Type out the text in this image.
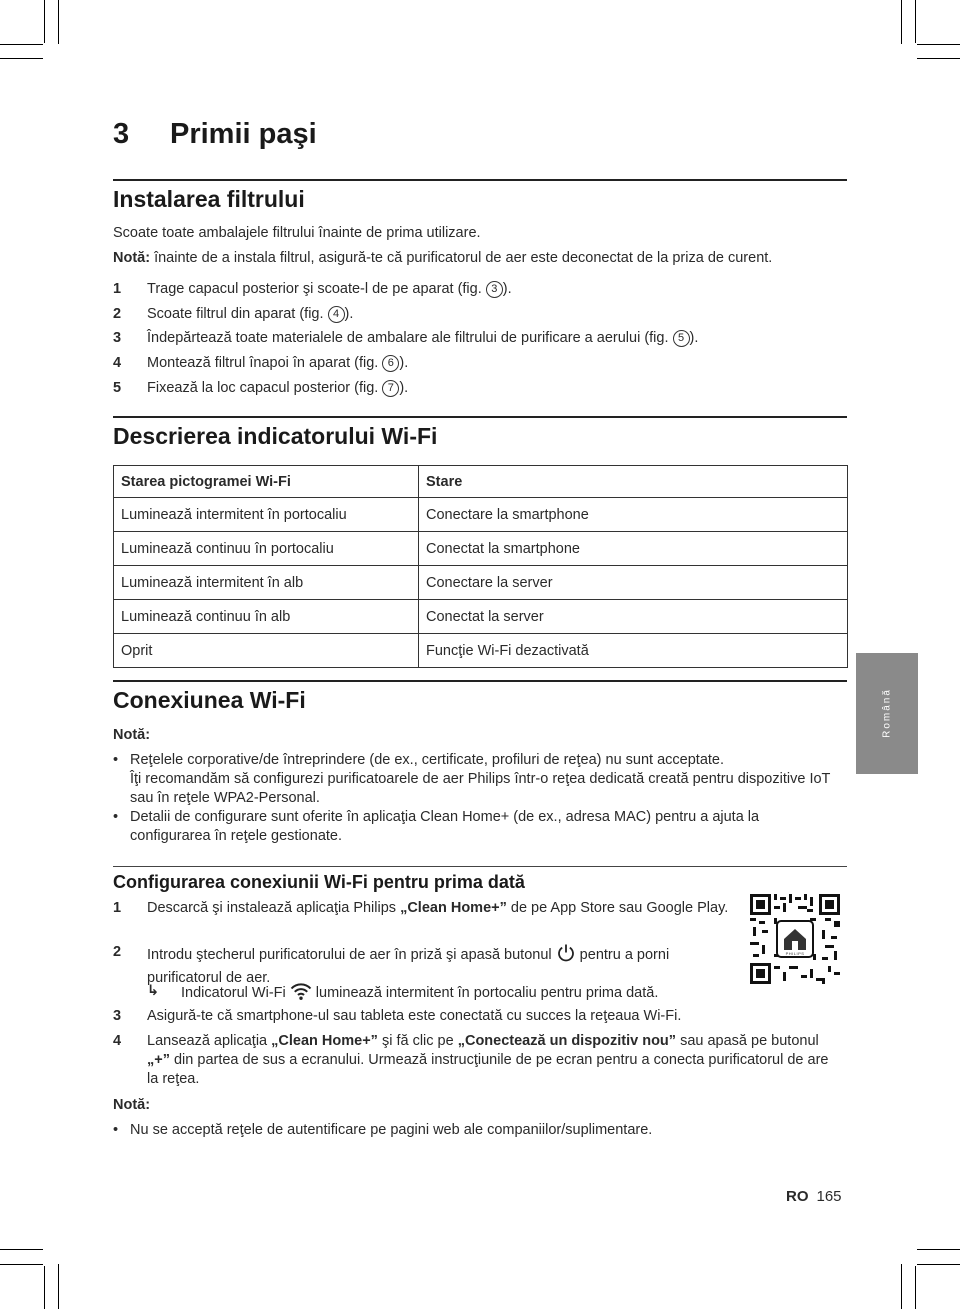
3 Primii paşi
Instalarea filtrului
Scoate toate ambalajele filtrului înainte de prima utilizare.
Notă: înainte de a instala filtrul, asigură-te că purificatorul de aer este deconectat de la priza de curent.
1 Trage capacul posterior şi scoate-l de pe aparat (fig. 3 ).
2 Scoate filtrul din aparat (fig. 4 ).
3 Îndepărtează toate materialele de ambalare ale filtrului de purificare a aerului (fig. 5 ).
4 Montează filtrul înapoi în aparat (fig. 6 ).
5 Fixează la loc capacul posterior (fig. 7 ).
Descrierea indicatorului Wi-Fi
Starea pictogramei Wi-Fi	Stare
Luminează intermitent în portocaliu	Conectare la smartphone
Luminează continuu în portocaliu	Conectat la smartphone
Luminează intermitent în alb	Conectare la server
Luminează continuu în alb	Conectat la server
Oprit	Funcţie Wi-Fi dezactivată
Conexiunea Wi-Fi
Notă:
• Reţelele corporative/de întreprindere (de ex., certificate, profiluri de reţea) nu sunt acceptate.
Îţi recomandăm să configurezi purificatoarele de aer Philips într-o reţea dedicată creată pentru dispozitive IoT sau în reţele WPA2-Personal.
• Detalii de configurare sunt oferite în aplicaţia Clean Home+ (de ex., adresa MAC) pentru a ajuta la configurarea în reţele gestionate.
Configurarea conexiunii Wi-Fi pentru prima dată
1 Descarcă şi instalează aplicaţia Philips „Clean Home+” de pe App Store sau Google Play.
2 Introdu ştecherul purificatorului de aer în priză şi apasă butonul  pentru a porni purificatorul de aer.
↳ Indicatorul Wi-Fi  luminează intermitent în portocaliu pentru prima dată.
3 Asigură-te că smartphone-ul sau tableta este conectată cu succes la reţeaua Wi-Fi.
4 Lansează aplicaţia „Clean Home+” şi fă clic pe „Conectează un dispozitiv nou” sau apasă pe butonul „+” din partea de sus a ecranului. Urmează instrucţiunile de pe ecran pentru a conecta purificatorul de are la reţea.
Notă:
• Nu se acceptă reţele de autentificare pe pagini web ale companiilor/suplimentare.
PHILIPS
Română
RO 165
